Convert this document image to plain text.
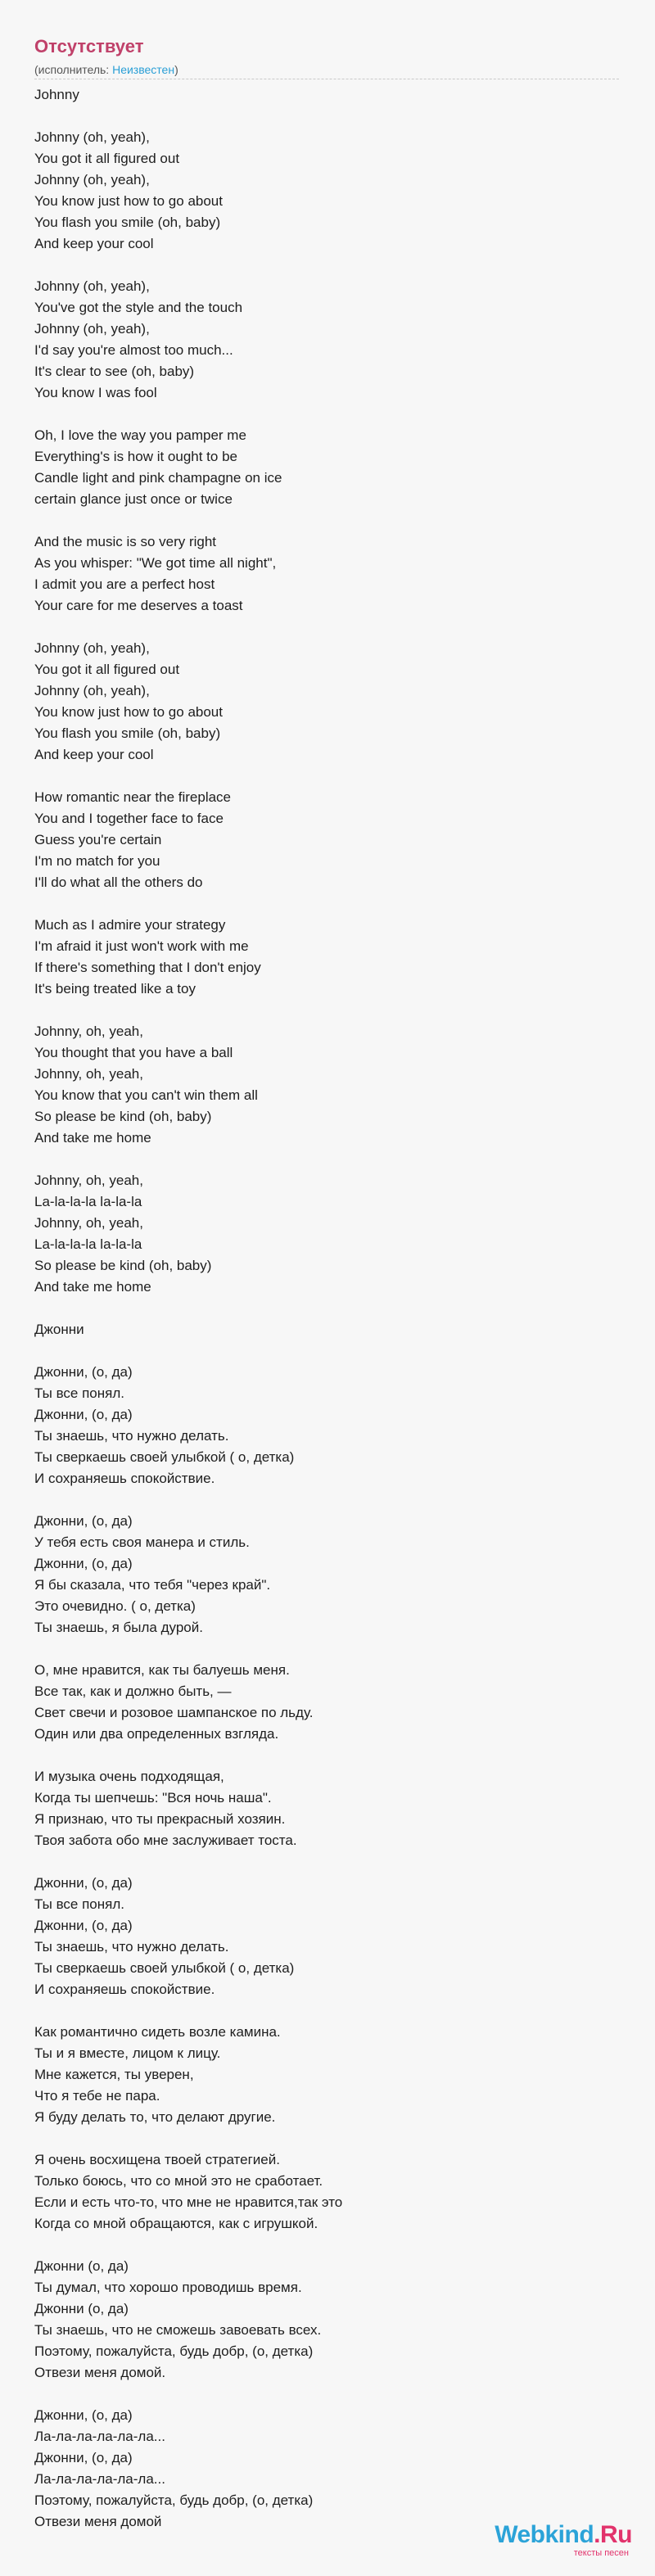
Отсутствует
(исполнитель: Неизвестен)
Johnny
Johnny (oh, yeah),
You got it all figured out
Johnny (oh, yeah),
You know just how to go about
You flash you smile (oh, baby)
And keep your cool
Johnny (oh, yeah),
You've got the style and the touch
Johnny (oh, yeah),
I'd say you're almost too much...
It's clear to see (oh, baby)
You know I was fool
Oh, I love the way you pamper me
Everything's is how it ought to be
Candle light and pink champagne on ice
certain glance just once or twice
And the music is so very right
As you whisper: "We got time all night",
I admit you are a perfect host
Your care for me deserves a toast
Johnny (oh, yeah),
You got it all figured out
Johnny (oh, yeah),
You know just how to go about
You flash you smile (oh, baby)
And keep your cool
How romantic near the fireplace
You and I together face to face
Guess you're certain
I'm no match for you
I'll do what all the others do
Much as I admire your strategy
I'm afraid it just won't work with me
If there's something that I don't enjoy
It's being treated like a toy
Johnny, oh, yeah,
You thought that you have a ball
Johnny, oh, yeah,
You know that you can't win them all
So please be kind (oh, baby)
And take me home
Johnny, oh, yeah,
La-la-la-la la-la-la
Johnny, oh, yeah,
La-la-la-la la-la-la
So please be kind (oh, baby)
And take me home
Джонни
Джонни, (о, да)
Ты все понял.
Джонни, (о, да)
Ты знаешь, что нужно делать.
Ты сверкаешь своей улыбкой ( о, детка)
И сохраняешь спокойствие.
Джонни, (о, да)
У тебя есть своя манера и стиль.
Джонни, (о, да)
Я бы сказала, что тебя "через край".
Это очевидно. ( о, детка)
Ты знаешь, я была дурой.
О, мне нравится, как ты балуешь меня.
Все так, как и должно быть, —
Свет свечи и розовое шампанское по льду.
Один или два определенных взгляда.
И музыка очень подходящая,
Когда ты шепчешь: "Вся ночь наша".
Я признаю, что ты прекрасный хозяин.
Твоя забота обо мне заслуживает тоста.
Джонни, (о, да)
Ты все понял.
Джонни, (о, да)
Ты знаешь, что нужно делать.
Ты сверкаешь своей улыбкой ( о, детка)
И сохраняешь спокойствие.
Как романтично сидеть возле камина.
Ты и я вместе, лицом к лицу.
Мне кажется, ты уверен,
Что я тебе не пара.
Я буду делать то, что делают другие.
Я очень восхищена твоей стратегией.
Только боюсь, что со мной это не сработает.
Если и есть что-то, что мне не нравится,так это
Когда со мной обращаются, как с игрушкой.
Джонни (о, да)
Ты думал, что хорошо проводишь время.
Джонни (о, да)
Ты знаешь, что не сможешь завоевать всех.
Поэтому, пожалуйста, будь добр, (о, детка)
Отвези меня домой.
Джонни, (о, да)
Ла-ла-ла-ла-ла-ла...
Джонни, (о, да)
Ла-ла-ла-ла-ла-ла...
Поэтому, пожалуйста, будь добр, (о, детка)
Отвези меня домой	Webkind.Ru
тексты песен
